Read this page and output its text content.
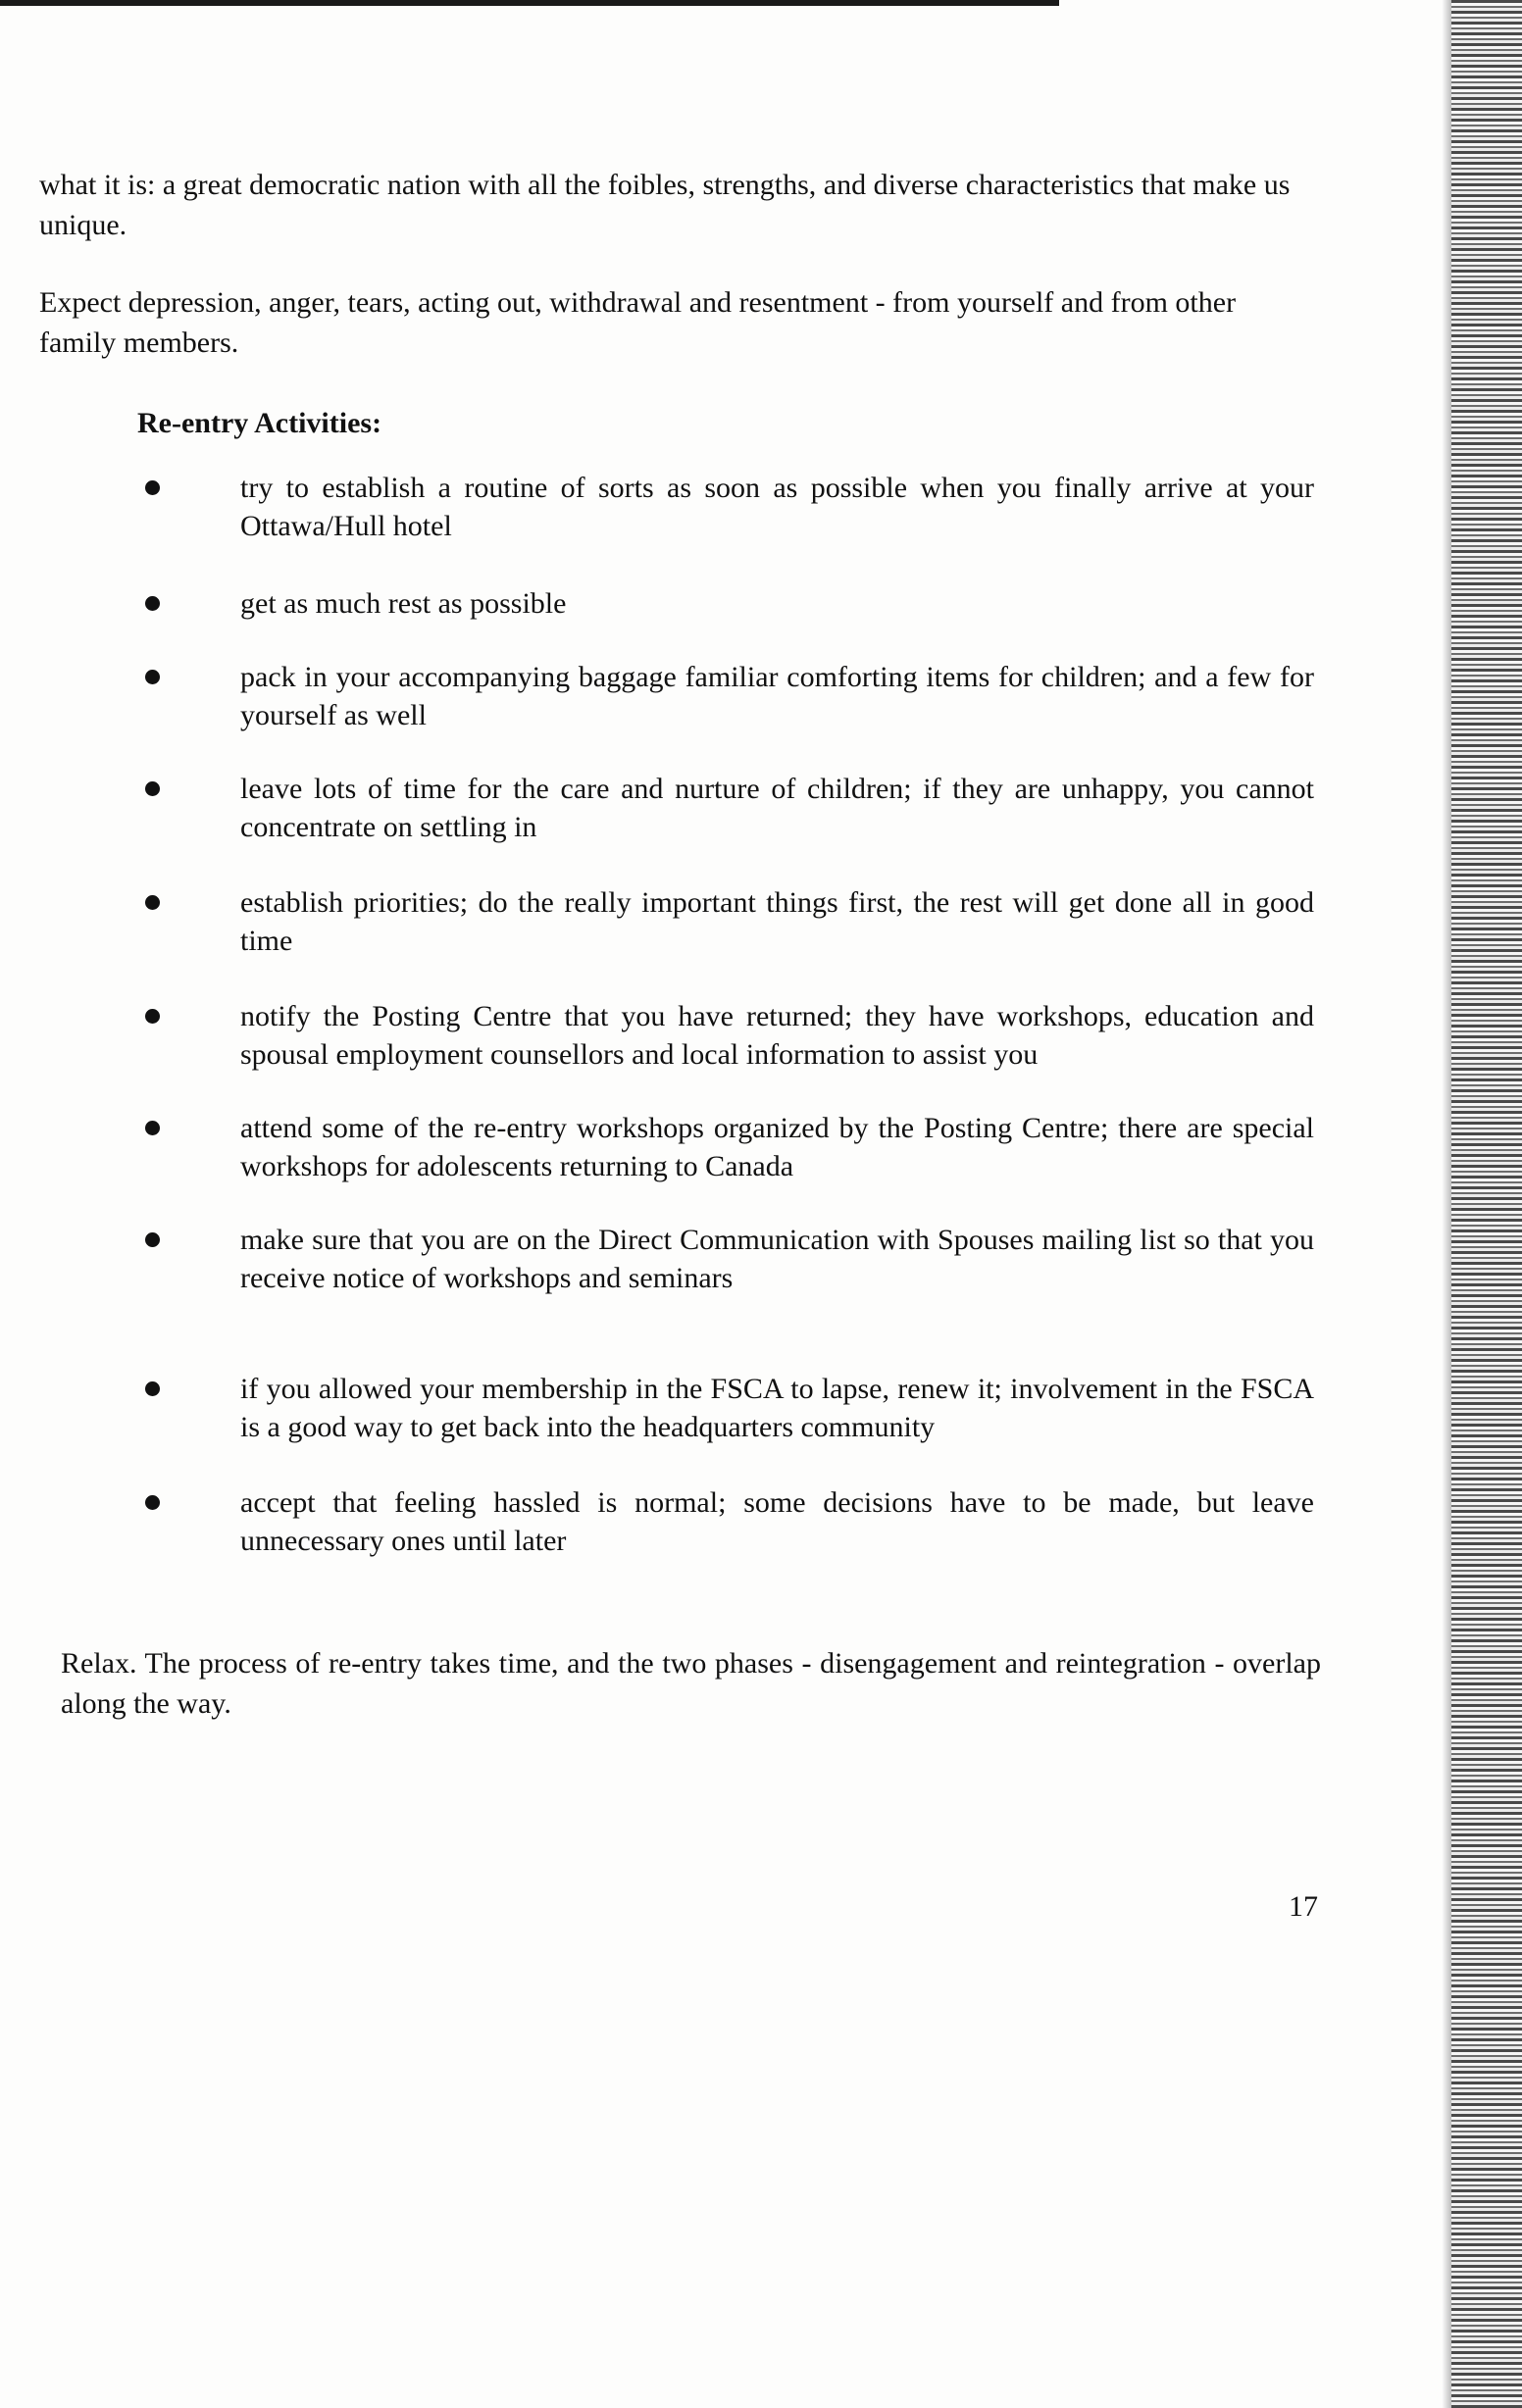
what it is: a great democratic nation with all the foibles, strengths, and diverse characteristics that make us unique.

Expect depression, anger, tears, acting out, withdrawal and resentment - from yourself and from other family members.

Re-entry Activities:
try to establish a routine of sorts as soon as possible when you finally arrive at your Ottawa/Hull hotel
get as much rest as possible
pack in your accompanying baggage familiar comforting items for children; and a few for yourself as well
leave lots of time for the care and nurture of children; if they are unhappy, you cannot concentrate on settling in
establish priorities; do the really important things first, the rest will get done all in good time
notify the Posting Centre that you have returned; they have workshops, education and spousal employment counsellors and local information to assist you
attend some of the re-entry workshops organized by the Posting Centre; there are special workshops for adolescents returning to Canada
make sure that you are on the Direct Communication with Spouses mailing list so that you receive notice of workshops and seminars
if you allowed your membership in the FSCA to lapse, renew it; involvement in the FSCA is a good way to get back into the headquarters community
accept that feeling hassled is normal; some decisions have to be made, but leave unnecessary ones until later

Relax. The process of re-entry takes time, and the two phases - disengagement and reintegration - overlap along the way.

17
